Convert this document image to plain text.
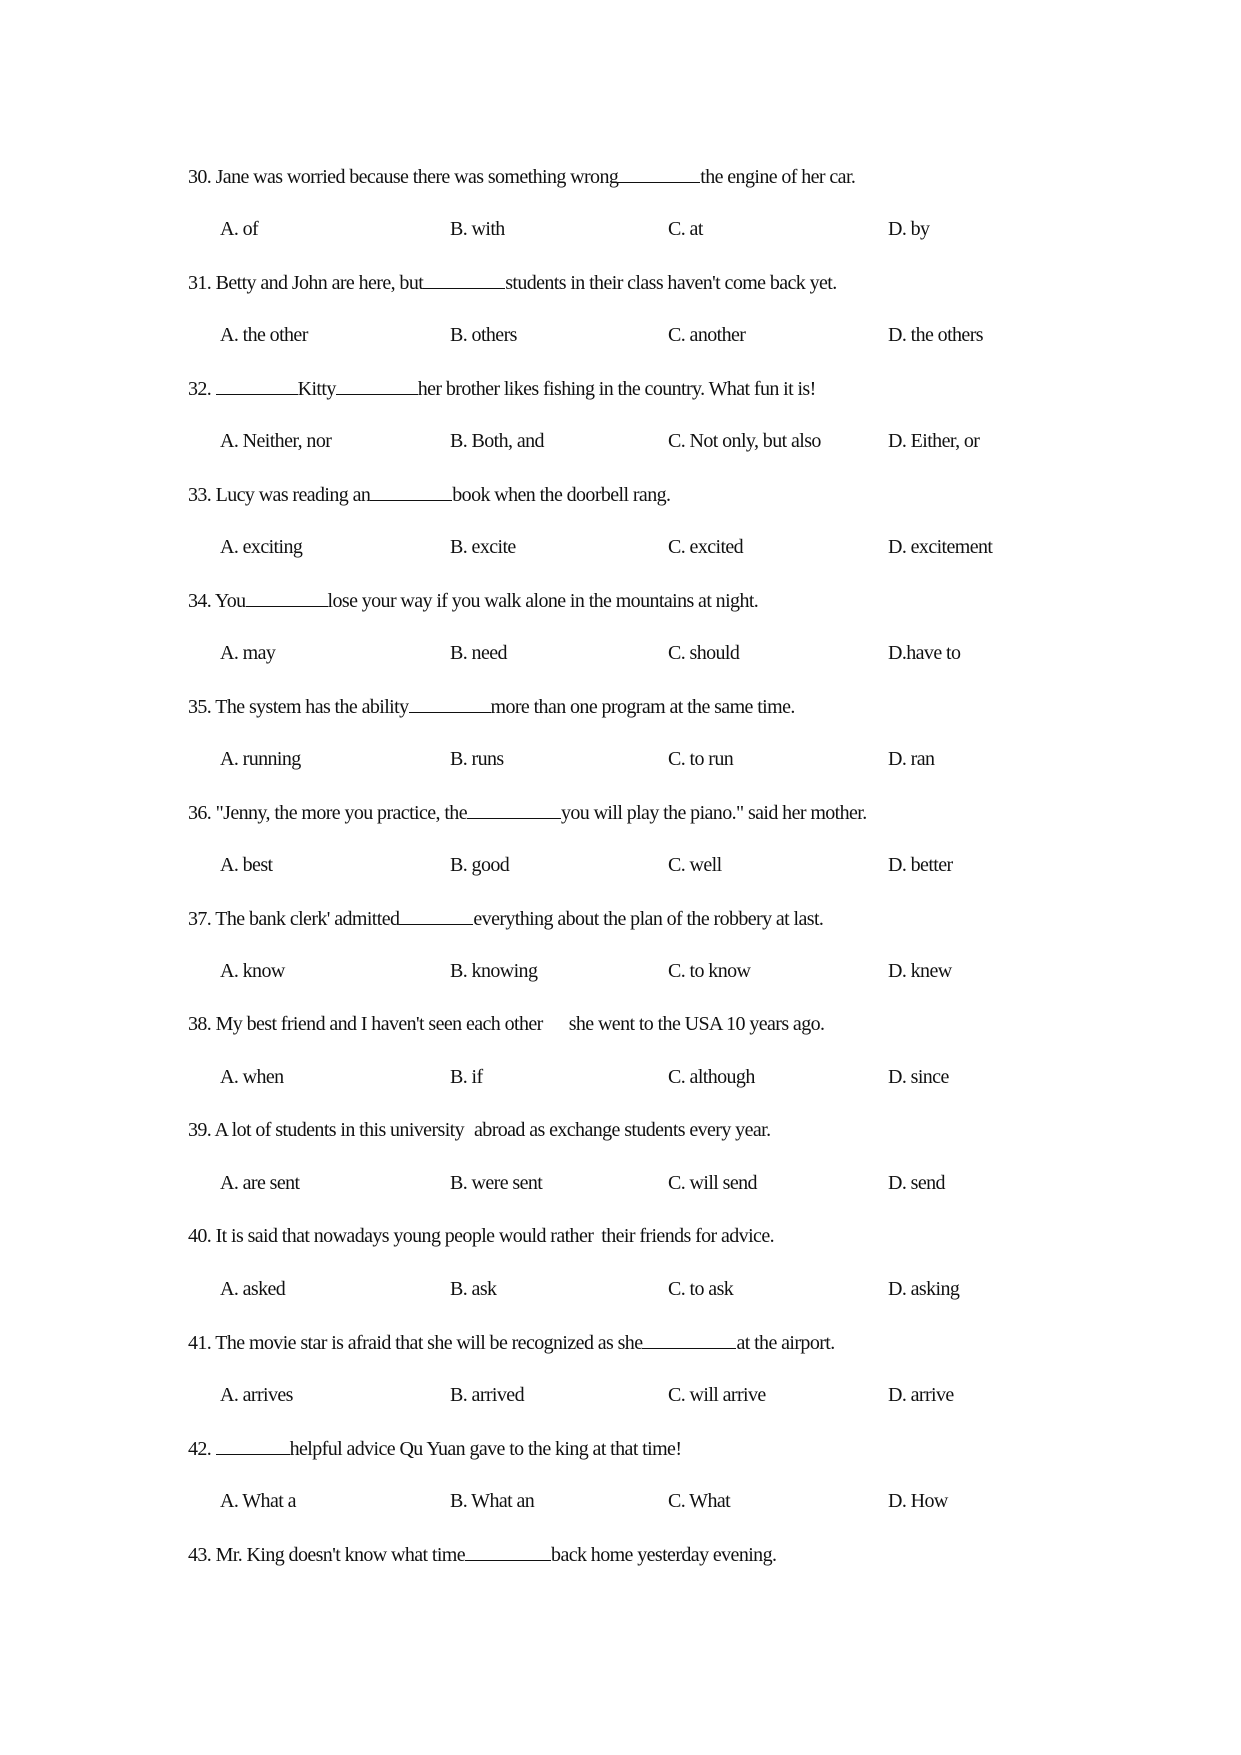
30. Jane was worried because there was something wrong	the engine of her car.
A. of	B. with	C. at	D. by
31. Betty and John are here, but	students in their class haven't come back yet.
A. the other	B. others	C. another	D. the others
32.	Kitty	her brother likes fishing in the country. What fun it is!
A. Neither, nor	B. Both, and	C. Not only, but also	D. Either, or
33. Lucy was reading an	book when the doorbell rang.
A. exciting	B. excite	C. excited	D. excitement
34. You	lose your way if you walk alone in the mountains at night.
A. may	B. need	C. should	D.have to
35. The system has the ability	more than one program at the same time.
A. running	B. runs	C. to run	D. ran
36. "Jenny, the more you practice, the	you will play the piano." said her mother.
A. best	B. good	C. well	D. better
37. The bank clerk' admitted	everything about the plan of the robbery at last.
A. know	B. knowing	C. to know	D. knew
38. My best friend and I haven't seen each other she went to the USA 10 years ago.
A. when	B. if	C. although	D. since
39. A lot of students in this university abroad as exchange students every year.
A. are sent	B. were sent	C. will send	D. send
40. It is said that nowadays young people would rather their friends for advice.
A. asked	B. ask	C. to ask	D. asking
41. The movie star is afraid that she will be recognized as she	at the airport.
A. arrives	B. arrived	C. will arrive	D. arrive
42.	helpful advice Qu Yuan gave to the king at that time!
A. What a	B. What an	C. What	D. How
43. Mr. King doesn't know what time	back home yesterday evening.
